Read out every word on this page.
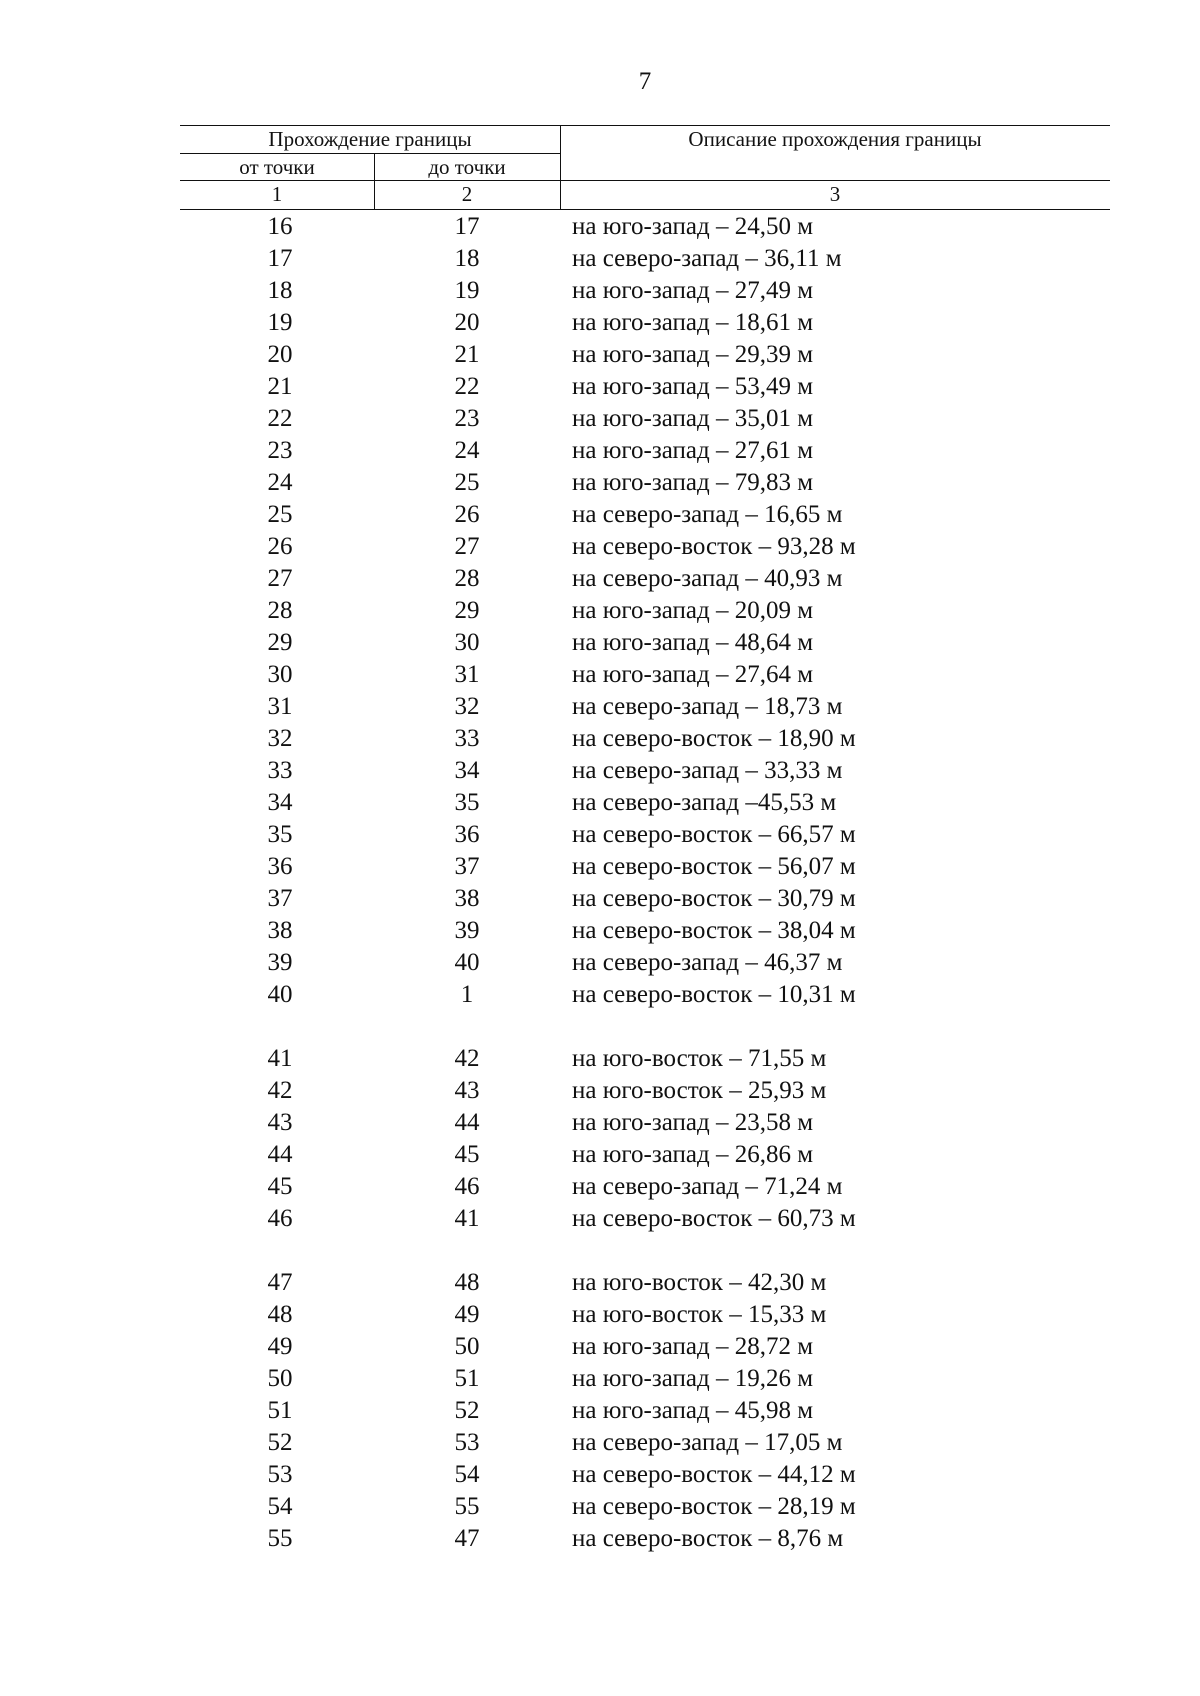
7
Прохождение границы	Описание прохождения границы
от точки	до точки
1	2	3
16	17	на юго-запад – 24,50 м
17	18	на северо-запад – 36,11 м
18	19	на юго-запад – 27,49 м
19	20	на юго-запад – 18,61 м
20	21	на юго-запад – 29,39 м
21	22	на юго-запад – 53,49 м
22	23	на юго-запад – 35,01 м
23	24	на юго-запад – 27,61 м
24	25	на юго-запад – 79,83 м
25	26	на северо-запад – 16,65 м
26	27	на северо-восток – 93,28 м
27	28	на северо-запад – 40,93 м
28	29	на юго-запад – 20,09 м
29	30	на юго-запад – 48,64 м
30	31	на юго-запад – 27,64 м
31	32	на северо-запад – 18,73 м
32	33	на северо-восток – 18,90 м
33	34	на северо-запад – 33,33 м
34	35	на северо-запад –45,53 м
35	36	на северо-восток – 66,57 м
36	37	на северо-восток – 56,07 м
37	38	на северо-восток – 30,79 м
38	39	на северо-восток – 38,04 м
39	40	на северо-запад – 46,37 м
40	1	на северо-восток – 10,31 м
41	42	на юго-восток – 71,55 м
42	43	на юго-восток – 25,93 м
43	44	на юго-запад – 23,58 м
44	45	на юго-запад – 26,86 м
45	46	на северо-запад – 71,24 м
46	41	на северо-восток – 60,73 м
47	48	на юго-восток – 42,30 м
48	49	на юго-восток – 15,33 м
49	50	на юго-запад – 28,72 м
50	51	на юго-запад – 19,26 м
51	52	на юго-запад – 45,98 м
52	53	на северо-запад – 17,05 м
53	54	на северо-восток – 44,12 м
54	55	на северо-восток – 28,19 м
55	47	на северо-восток – 8,76 м
